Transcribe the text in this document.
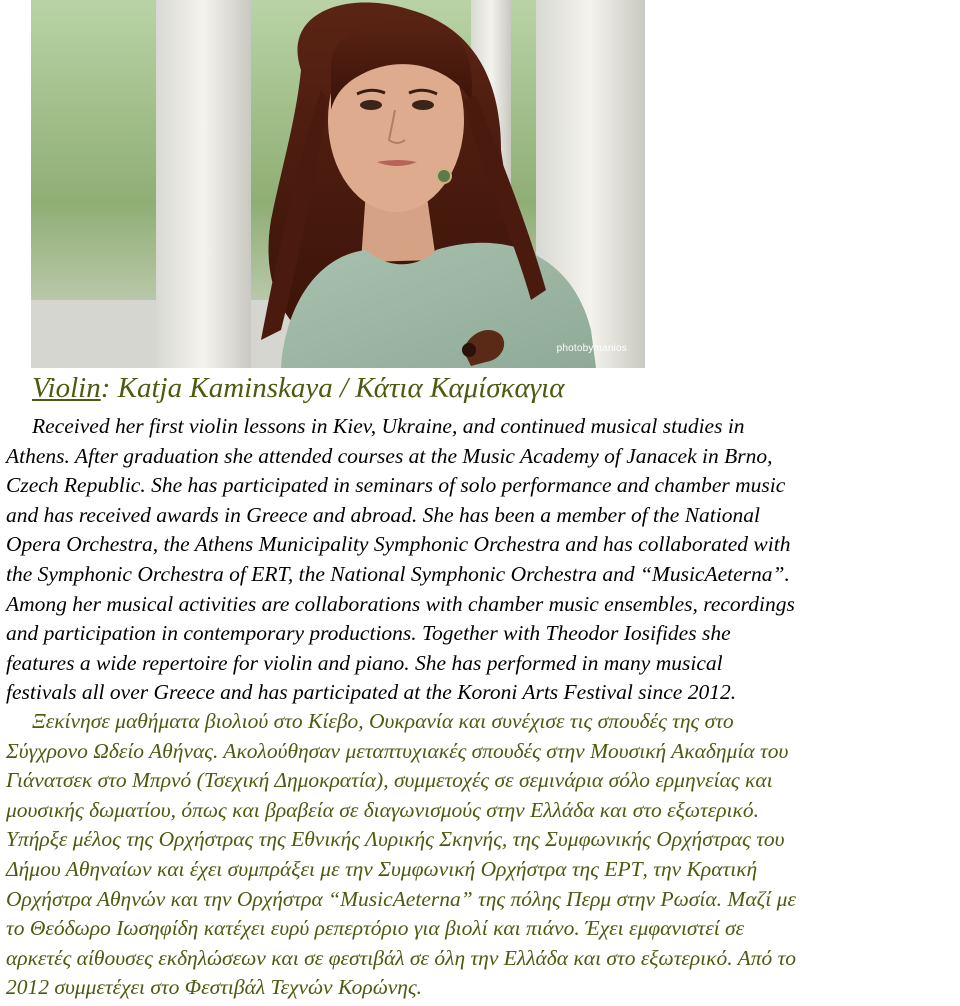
photobymanios
Violin: Katja Kaminskaya / Κάτια Καμίσκαγια
Received her first violin lessons in Kiev, Ukraine, and continued musical studies in
Athens. After graduation she attended courses at the Music Academy of Janacek in Brno,
Czech Republic. She has participated in seminars of solo performance and chamber music
and has received awards in Greece and abroad. She has been a member of the National
Opera Orchestra, the Athens Municipality Symphonic Orchestra and has collaborated with
the Symphonic Orchestra of ERT, the National Symphonic Orchestra and “MusicAeterna”.
Among her musical activities are collaborations with chamber music ensembles, recordings
and participation in contemporary productions. Together with Theodor Iosifides she
features a wide repertoire for violin and piano. She has performed in many musical
festivals all over Greece and has participated at the Koroni Arts Festival since 2012.
Ξεκίνησε μαθήματα βιολιού στο Κίεβο, Ουκρανία και συνέχισε τις σπουδές της στο
Σύγχρονο Ωδείο Αθήνας. Ακολούθησαν μεταπτυχιακές σπουδές στην Μουσική Ακαδημία του
Γιάνατσεκ στο Μπρνό (Τσεχική Δημοκρατία), συμμετοχές σε σεμινάρια σόλο ερμηνείας και
μουσικής δωματίου, όπως και βραβεία σε διαγωνισμούς στην Ελλάδα και στο εξωτερικό.
Υπήρξε μέλος της Ορχήστρας της Εθνικής Λυρικής Σκηνής, της Συμφωνικής Ορχήστρας του
Δήμου Αθηναίων και έχει συμπράξει με την Συμφωνική Ορχήστρα της ΕΡΤ, την Κρατική
Ορχήστρα Αθηνών και την Ορχήστρα “MusicAeterna” της πόλης Περμ στην Ρωσία. Μαζί με
το Θεόδωρο Ιωσηφίδη κατέχει ευρύ ρεπερτόριο για βιολί και πιάνο. Έχει εμφανιστεί σε
αρκετές αίθουσες εκδηλώσεων και σε φεστιβάλ σε όλη την Ελλάδα και στο εξωτερικό. Από το
2012 συμμετέχει στο Φεστιβάλ Τεχνών Κορώνης.
